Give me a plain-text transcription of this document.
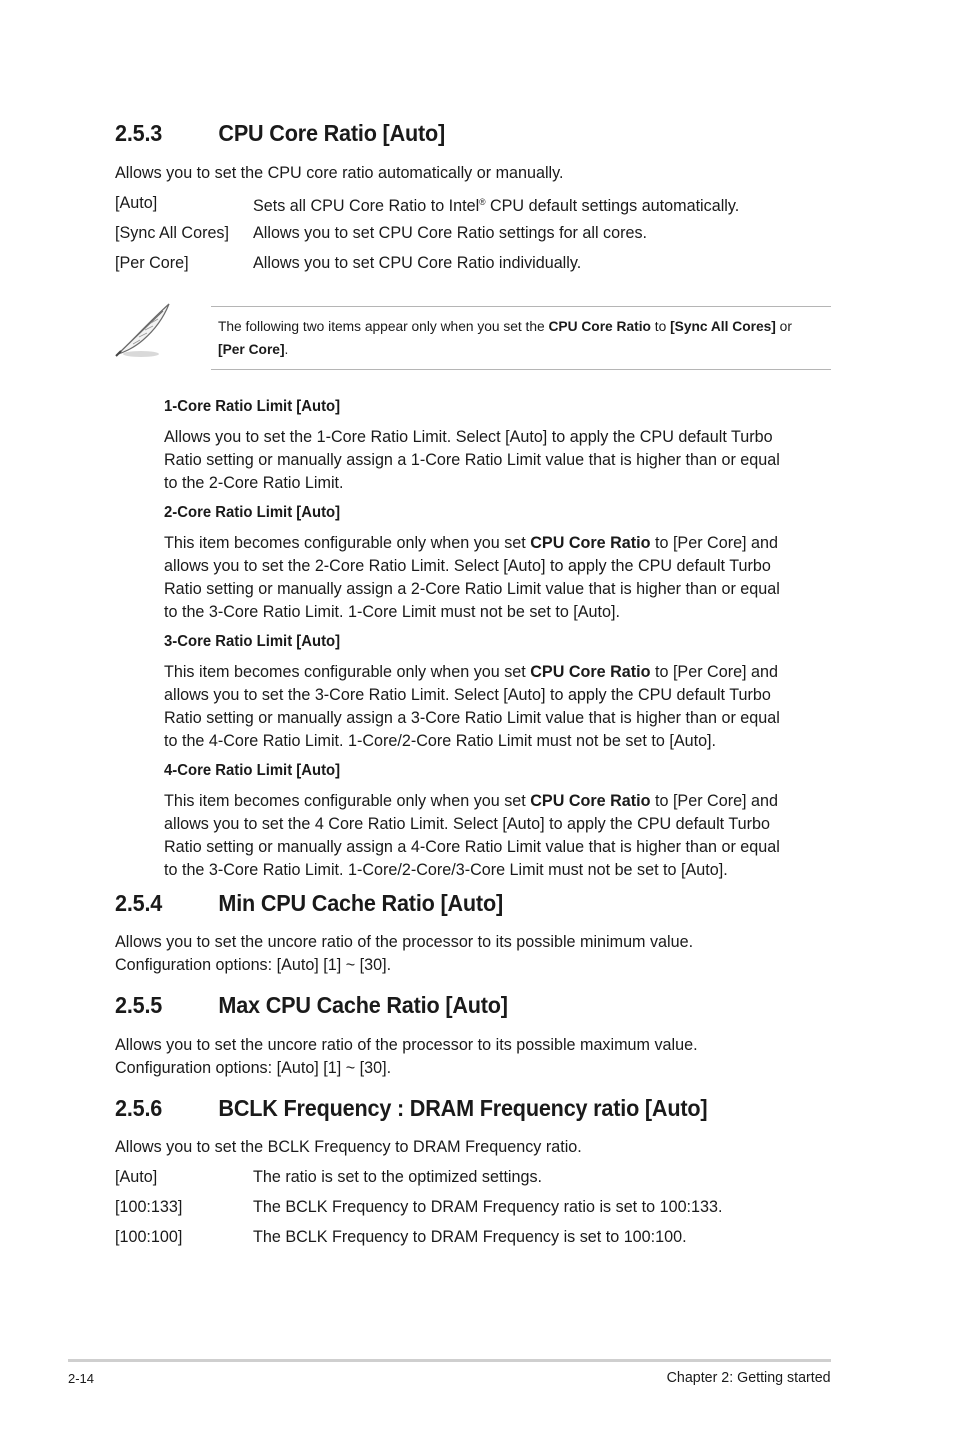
2.5.3 CPU Core Ratio [Auto]
Allows you to set the CPU core ratio automatically or manually.
[Auto]	Sets all CPU Core Ratio to Intel® CPU default settings automatically.
[Sync All Cores] Allows you to set CPU Core Ratio settings for all cores.
[Per Core]	Allows you to set CPU Core Ratio individually.
The following two items appear only when you set the CPU Core Ratio to [Sync All Cores] or [Per Core].
1-Core Ratio Limit [Auto]
Allows you to set the 1-Core Ratio Limit. Select [Auto] to apply the CPU default Turbo
Ratio setting or manually assign a 1-Core Ratio Limit value that is higher than or equal
to the 2-Core Ratio Limit.
2-Core Ratio Limit [Auto]
This item becomes configurable only when you set CPU Core Ratio to [Per Core] and
allows you to set the 2-Core Ratio Limit. Select [Auto] to apply the CPU default Turbo
Ratio setting or manually assign a 2-Core Ratio Limit value that is higher than or equal
to the 3-Core Ratio Limit. 1-Core Limit must not be set to [Auto].
3-Core Ratio Limit [Auto]
This item becomes configurable only when you set CPU Core Ratio to [Per Core] and
allows you to set the 3-Core Ratio Limit. Select [Auto] to apply the CPU default Turbo
Ratio setting or manually assign a 3-Core Ratio Limit value that is higher than or equal
to the 4-Core Ratio Limit. 1-Core/2-Core Ratio Limit must not be set to [Auto].
4-Core Ratio Limit [Auto]
This item becomes configurable only when you set CPU Core Ratio to [Per Core] and
allows you to set the 4 Core Ratio Limit. Select [Auto] to apply the CPU default Turbo
Ratio setting or manually assign a 4-Core Ratio Limit value that is higher than or equal
to the 3-Core Ratio Limit. 1-Core/2-Core/3-Core Limit must not be set to [Auto].
2.5.4 Min CPU Cache Ratio [Auto]
Allows you to set the uncore ratio of the processor to its possible minimum value.
Configuration options: [Auto] [1] ~ [30].
2.5.5 Max CPU Cache Ratio [Auto]
Allows you to set the uncore ratio of the processor to its possible maximum value.
Configuration options: [Auto] [1] ~ [30].
2.5.6 BCLK Frequency : DRAM Frequency ratio [Auto]
Allows you to set the BCLK Frequency to DRAM Frequency ratio.
[Auto]	The ratio is set to the optimized settings.
[100:133]	The BCLK Frequency to DRAM Frequency ratio is set to 100:133.
[100:100]	The BCLK Frequency to DRAM Frequency is set to 100:100.
2-14	Chapter 2: Getting started
